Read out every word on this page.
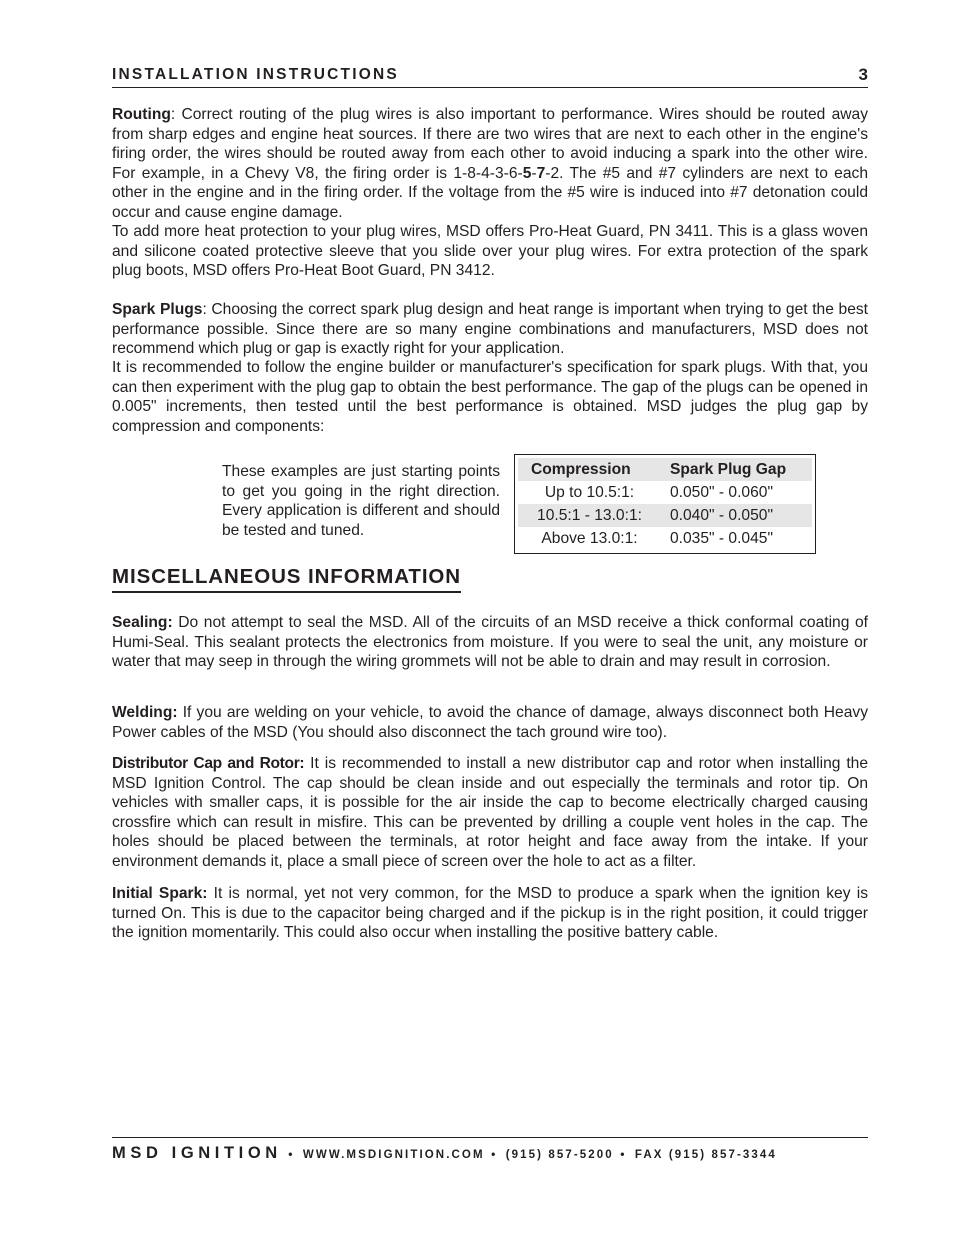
INSTALLATION INSTRUCTIONS	3

Routing: Correct routing of the plug wires is also important to performance. Wires should be routed away from sharp edges and engine heat sources. If there are two wires that are next to each other in the engine's firing order, the wires should be routed away from each other to avoid inducing a spark into the other wire. For example, in a Chevy V8, the firing order is 1-8-4-3-6-5-7-2. The #5 and #7 cylinders are next to each other in the engine and in the firing order. If the voltage from the #5 wire is induced into #7 detonation could occur and cause engine damage.

To add more heat protection to your plug wires, MSD offers Pro-Heat Guard, PN 3411. This is a glass woven and silicone coated protective sleeve that you slide over your plug wires. For extra protection of the spark plug boots, MSD offers Pro-Heat Boot Guard, PN 3412.

Spark Plugs: Choosing the correct spark plug design and heat range is important when trying to get the best performance possible. Since there are so many engine combinations and manufacturers, MSD does not recommend which plug or gap is exactly right for your application.

It is recommended to follow the engine builder or manufacturer's specification for spark plugs. With that, you can then experiment with the plug gap to obtain the best performance. The gap of the plugs can be opened in 0.005" increments, then tested until the best performance is obtained. MSD judges the plug gap by compression and components:

These examples are just starting points to get you going in the right direction. Every application is different and should be tested and tuned.

Compression	Spark Plug Gap
Up to 10.5:1:	0.050" - 0.060"
10.5:1 - 13.0:1:	0.040" - 0.050"
Above 13.0:1:	0.035" - 0.045"
MISCELLANEOUS INFORMATION

Sealing: Do not attempt to seal the MSD. All of the circuits of an MSD receive a thick conformal coating of Humi-Seal. This sealant protects the electronics from moisture. If you were to seal the unit, any moisture or water that may seep in through the wiring grommets will not be able to drain and may result in corrosion.

Welding: If you are welding on your vehicle, to avoid the chance of damage, always disconnect both Heavy Power cables of the MSD (You should also disconnect the tach ground wire too).

Distributor Cap and Rotor: It is recommended to install a new distributor cap and rotor when installing the MSD Ignition Control. The cap should be clean inside and out especially the terminals and rotor tip. On vehicles with smaller caps, it is possible for the air inside the cap to become electrically charged causing crossfire which can result in misfire. This can be prevented by drilling a couple vent holes in the cap. The holes should be placed between the terminals, at rotor height and face away from the intake. If your environment demands it, place a small piece of screen over the hole to act as a filter.

Initial Spark: It is normal, yet not very common, for the MSD to produce a spark when the ignition key is turned On. This is due to the capacitor being charged and if the pickup is in the right position, it could trigger the ignition momentarily. This could also occur when installing the positive battery cable.

MSD IGNITION • WWW.MSDIGNITION.COM • (915) 857-5200 • FAX (915) 857-3344
